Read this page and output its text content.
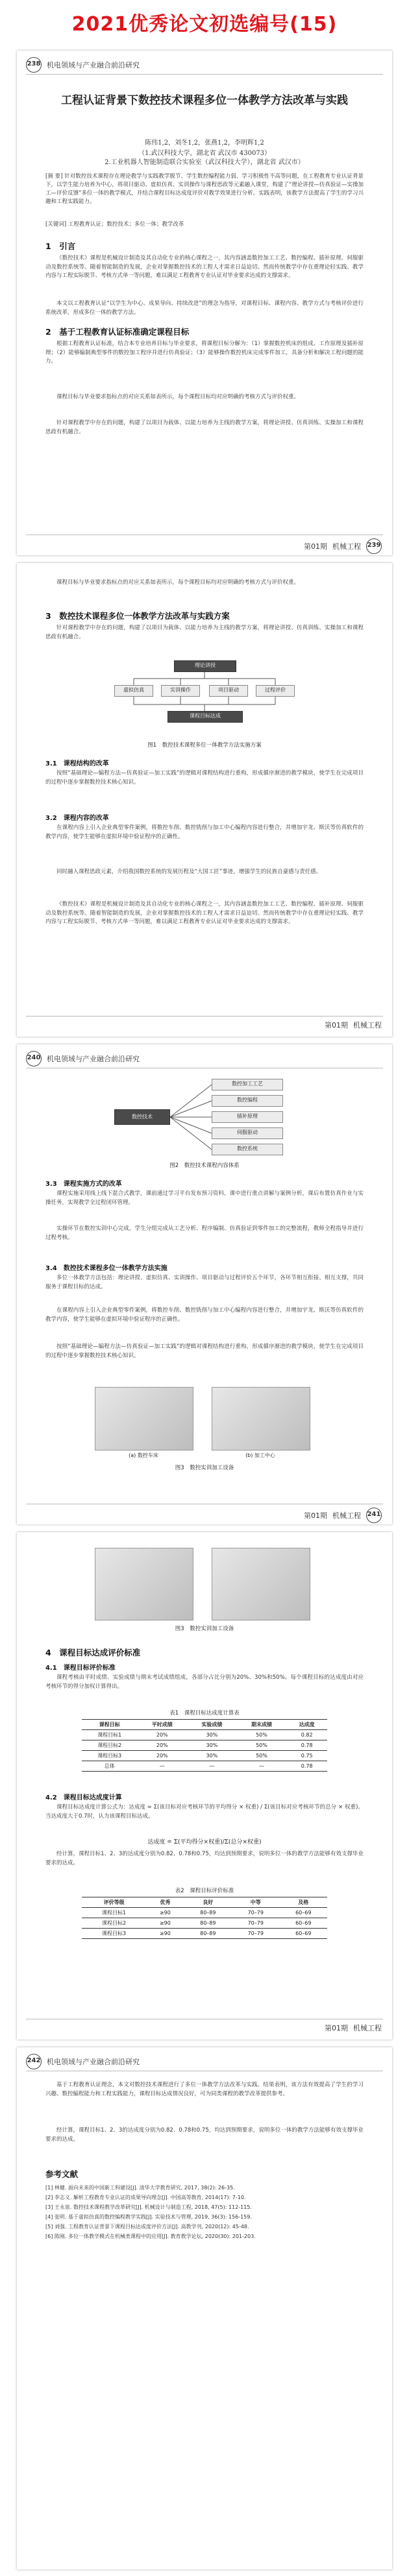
2021优秀论文初选编号(15)
238 机电领域与产业融合前沿研究
工程认证背景下数控技术课程多位一体教学方法改革与实践
陈伟1,2，刘冬1,2，张燕1,2，李明辉1,2
（1.武汉科技大学，湖北省 武汉市 430073）
2.工业机器人智能制造联合实验室（武汉科技大学），湖北省 武汉市）
[摘 要] 针对数控技术课程存在理论教学与实践教学脱节、学生数控编程能力弱、学习积极性不高等问题，在工程教育专业认证背景下，以学生能力培养为中心，将项目驱动、虚拟仿真、实训操作与课程思政等元素融入课堂，构建了“理论讲授—仿真验证—实操加工—评价反馈”多位一体的教学模式，并结合课程目标达成度评价对教学效果进行分析。实践表明，该教学方法提高了学生的学习兴趣和工程实践能力。
[关键词] 工程教育认证；数控技术；多位一体；教学改革
1　引言
《数控技术》课程是机械设计制造及其自动化专业的核心课程之一，其内容涵盖数控加工工艺、数控编程、插补原理、伺服驱动及数控系统等。随着智能制造的发展，企业对掌握数控技术的工程人才需求日益迫切。然而传统教学中存在重理论轻实践、教学内容与工程实际脱节、考核方式单一等问题，难以满足工程教育专业认证对毕业要求达成的支撑需求。
本文以工程教育认证“以学生为中心、成果导向、持续改进”的理念为指导，对课程目标、课程内容、教学方式与考核评价进行系统改革，形成多位一体的教学方法。
2　基于工程教育认证标准确定课程目标
根据工程教育认证标准，结合本专业培养目标与毕业要求，将课程目标分解为：（1）掌握数控机床的组成、工作原理及插补原理；（2）能够编制典型零件的数控加工程序并进行仿真验证；（3）能够操作数控机床完成零件加工，具备分析和解决工程问题的能力。
课程目标与毕业要求指标点的对应关系如表所示，每个课程目标均对应明确的考核方式与评价权重。
针对课程教学中存在的问题，构建了以项目为载体、以能力培养为主线的教学方案，将理论讲授、仿真训练、实操加工和课程思政有机融合。
第01期 机械工程 239
课程目标与毕业要求指标点的对应关系如表所示，每个课程目标均对应明确的考核方式与评价权重。
3　数控技术课程多位一体教学方法改革与实践方案
针对课程教学中存在的问题，构建了以项目为载体、以能力培养为主线的教学方案，将理论讲授、仿真训练、实操加工和课程思政有机融合。
理论讲授
虚拟仿真	实训操作	项目驱动	过程评价
课程目标达成
图1　数控技术课程多位一体教学方法实施方案
3.1　课程结构的改革
按照“基础理论—编程方法—仿真验证—加工实践”的逻辑对课程结构进行重构，形成循序渐进的教学模块，使学生在完成项目的过程中逐步掌握数控技术核心知识。
3.2　课程内容的改革
在课程内容上引入企业典型零件案例，将数控车削、数控铣削与加工中心编程内容进行整合，并增加宇龙、斯沃等仿真软件的教学内容，使学生能够在虚拟环境中验证程序的正确性。
同时融入课程思政元素，介绍我国数控系统的发展历程及“大国工匠”事迹，增强学生的民族自豪感与责任感。
《数控技术》课程是机械设计制造及其自动化专业的核心课程之一，其内容涵盖数控加工工艺、数控编程、插补原理、伺服驱动及数控系统等。随着智能制造的发展，企业对掌握数控技术的工程人才需求日益迫切。然而传统教学中存在重理论轻实践、教学内容与工程实际脱节、考核方式单一等问题，难以满足工程教育专业认证对毕业要求达成的支撑需求。
第01期 机械工程
240 机电领域与产业融合前沿研究
数控技术
数控加工工艺
数控编程
插补原理
伺服驱动
数控系统
图2　数控技术课程内容体系
3.3　课程实施方式的改革
课程实施采用线上线下混合式教学，课前通过学习平台发布预习资料，课中进行重点讲解与案例分析，课后布置仿真作业与实操任务，实现教学全过程闭环管理。
实操环节在数控实训中心完成，学生分组完成从工艺分析、程序编制、仿真验证到零件加工的完整流程，教师全程指导并进行过程考核。
3.4　数控技术课程多位一体教学方法实施
多位一体教学方法包括：理论讲授、虚拟仿真、实训操作、项目驱动与过程评价五个环节，各环节相互衔接、相互支撑，共同服务于课程目标的达成。
在课程内容上引入企业典型零件案例，将数控车削、数控铣削与加工中心编程内容进行整合，并增加宇龙、斯沃等仿真软件的教学内容，使学生能够在虚拟环境中验证程序的正确性。
按照“基础理论—编程方法—仿真验证—加工实践”的逻辑对课程结构进行重构，形成循序渐进的教学模块，使学生在完成项目的过程中逐步掌握数控技术核心知识。
(a) 数控车床	(b) 加工中心
图3　数控实训加工设备
第01期 机械工程 241
图3　数控实训加工设备
4　课程目标达成评价标准
4.1　课程目标评价标准
课程考核由平时成绩、实验成绩与期末考试成绩组成，各部分占比分别为20%、30%和50%。每个课程目标的达成度由对应考核环节的得分加权计算得出。
表1　课程目标达成度计算表
课程目标	平时成绩	实验成绩	期末成绩	达成度
课程目标1	20%	30%	50%	0.82
课程目标2	20%	30%	50%	0.78
课程目标3	20%	30%	50%	0.75
总体	—	—	—	0.78
4.2　课程目标达成度计算
课程目标达成度计算公式为：达成度 = Σ(该目标对应考核环节的平均得分 × 权重) / Σ(该目标对应考核环节的总分 × 权重)。当达成度大于0.7时，认为该课程目标达成。
达成度 = Σ(平均得分×权重)/Σ(总分×权重)
经计算，课程目标1、2、3的达成度分别为0.82、0.78和0.75，均达到预期要求，说明多位一体的教学方法能够有效支撑毕业要求的达成。
表2　课程目标评价标准
评价等级	优秀	良好	中等	及格
课程目标1	≥90	80–89	70–79	60–69
课程目标2	≥90	80–89	70–79	60–69
课程目标3	≥90	80–89	70–79	60–69
第01期 机械工程
242 机电领域与产业融合前沿研究
基于工程教育认证理念，本文对数控技术课程进行了多位一体教学方法改革与实践。结果表明，该方法有效提高了学生的学习兴趣、数控编程能力和工程实践能力，课程目标达成情况良好，可为同类课程的教学改革提供参考。
经计算，课程目标1、2、3的达成度分别为0.82、0.78和0.75，均达到预期要求，说明多位一体的教学方法能够有效支撑毕业要求的达成。
参考文献
[1] 林健. 面向未来的中国新工科建设[J]. 清华大学教育研究, 2017, 38(2): 26-35.
[2] 李志义. 解析工程教育专业认证的成果导向理念[J]. 中国高等教育, 2014(17): 7-10.
[3] 王永泉. 数控技术课程教学改革研究[J]. 机械设计与制造工程, 2018, 47(5): 112-115.
[4] 张明. 基于虚拟仿真的数控编程教学实践[J]. 实验技术与管理, 2019, 36(3): 156-159.
[5] 刘强. 工程教育认证背景下课程目标达成度评价方法[J]. 高教学刊, 2020(12): 45-48.
[6] 陈刚. 多位一体教学模式在机械类课程中的应用[J]. 教育教学论坛, 2020(30): 201-203.
